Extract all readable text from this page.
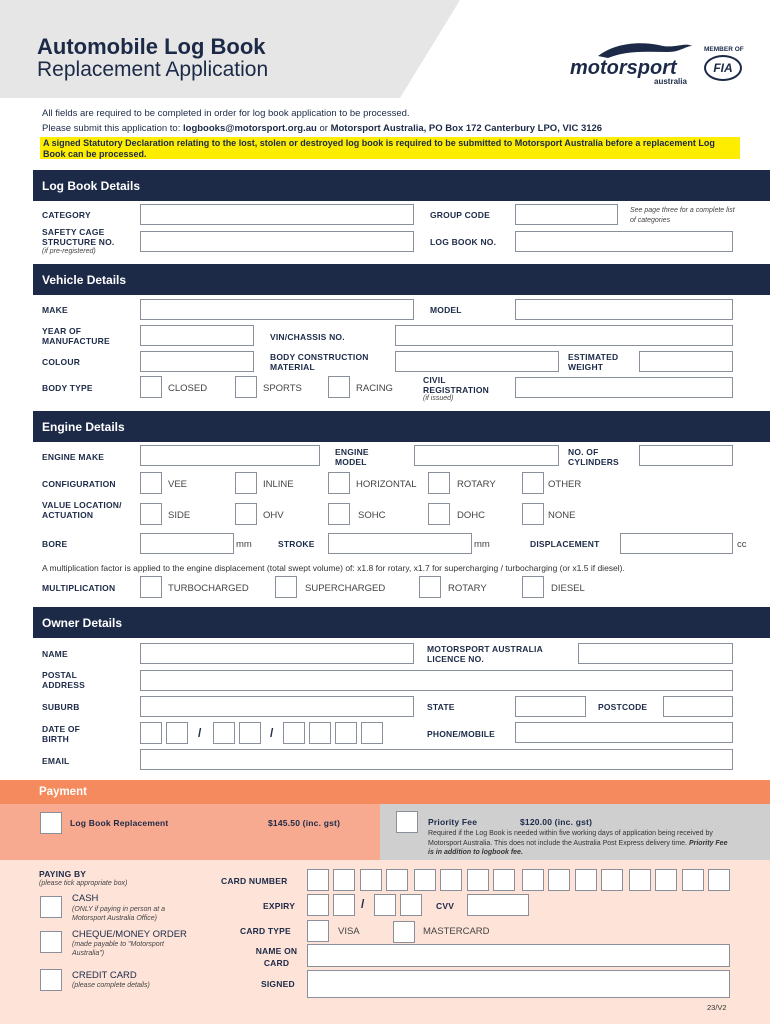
Automobile Log Book
Replacement Application	motorsport
australia
MEMBER OF
FIA
All fields are required to be completed in order for log book application to be processed.
Please submit this application to: logbooks@motorsport.org.au or Motorsport Australia, PO Box 172 Canterbury LPO, VIC 3126
A signed Statutory Declaration relating to the lost, stolen or destroyed log book is required to be submitted to Motorsport Australia before a replacement Log Book can be processed.
Log Book Details
CATEGORY	GROUP CODE	See page three for a complete list of categories
SAFETY CAGE STRUCTURE NO.
(if pre-registered)
LOG BOOK NO.
Vehicle Details
MAKE	MODEL
YEAR OF MANUFACTURE	VIN/CHASSIS NO.
COLOUR	BODY CONSTRUCTION MATERIAL
ESTIMATED WEIGHT
BODY TYPE	CLOSED	SPORTS	RACING
CIVIL REGISTRATION
(if issued)
Engine Details
ENGINE MAKE	ENGINE MODEL
NO. OF CYLINDERS
CONFIGURATION	VEE	INLINE	HORIZONTAL	ROTARY	OTHER
VALUE LOCATION/ ACTUATION	SIDE	OHV	SOHC	DOHC	NONE
BORE	mm	STROKE	mm	DISPLACEMENT	cc
A multiplication factor is applied to the engine displacement (total swept volume) of: x1.8 for rotary, x1.7 for supercharging / turbocharging (or x1.5 if diesel).
MULTIPLICATION	TURBOCHARGED	SUPERCHARGED	ROTARY	DIESEL
Owner Details
NAME	MOTORSPORT AUSTRALIA LICENCE NO.
POSTAL ADDRESS
SUBURB	STATE	POSTCODE
DATE OF BIRTH	/	/	PHONE/MOBILE
EMAIL
Payment
Log Book Replacement	$145.50 (inc. gst)	Priority Fee	$120.00 (inc. gst)
Required if the Log Book is needed within five working days of application being received by Motorsport Australia. This does not include the Australia Post Express delivery time. Priority Fee is in addition to logbook fee.
PAYING BY
(please tick appropriate box)
CASH
(ONLY if paying in person at a Motorsport Australia Office)
CHEQUE/MONEY ORDER
(made payable to "Motorsport Australia")
CREDIT CARD
(please complete details)
CARD NUMBER
EXPIRY	/	CVV
CARD TYPE	VISA	MASTERCARD
NAME ON CARD
SIGNED
23/V2
